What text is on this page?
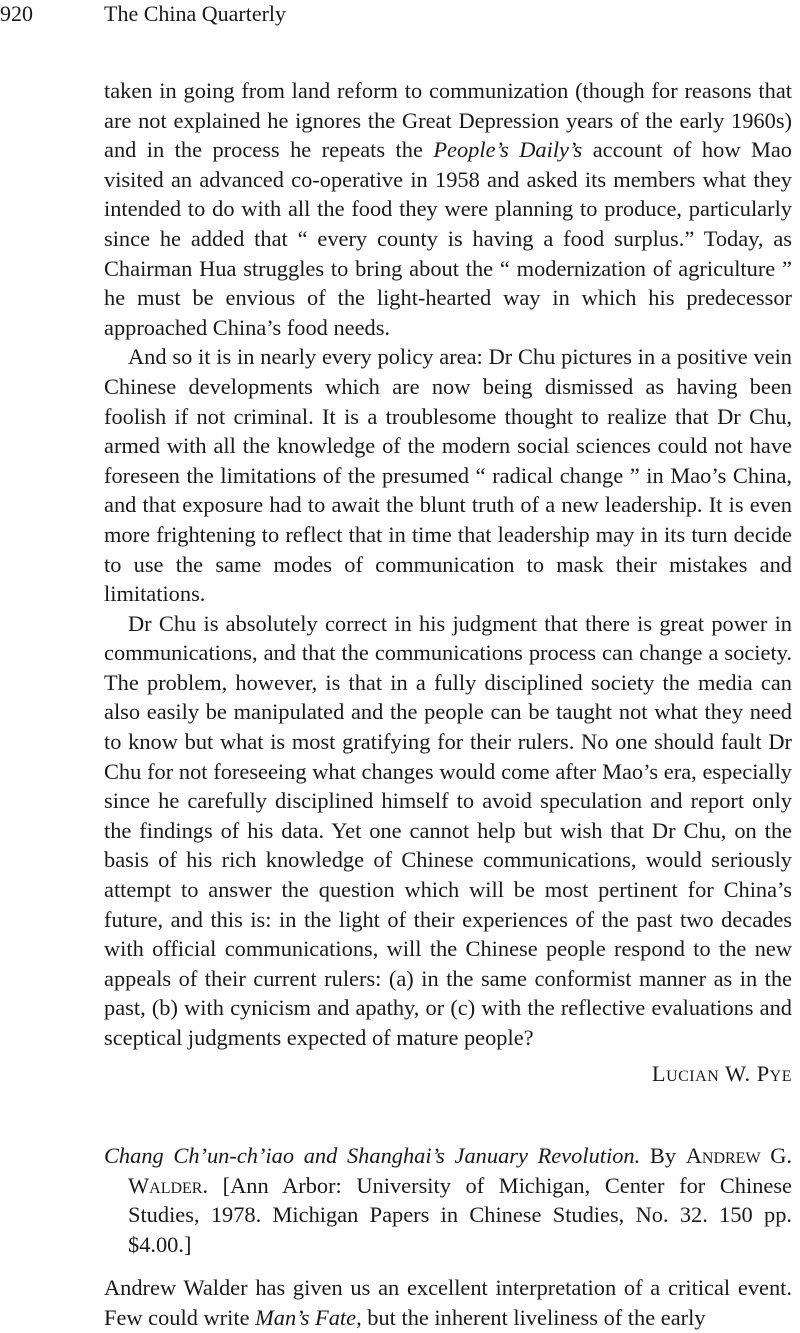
920	The China Quarterly

taken in going from land reform to communization (though for reasons that are not explained he ignores the Great Depression years of the early 1960s) and in the process he repeats the People’s Daily’s account of how Mao visited an advanced co-operative in 1958 and asked its members what they intended to do with all the food they were planning to produce, particularly since he added that “ every county is having a food surplus.” Today, as Chairman Hua struggles to bring about the “ modernization of agriculture ” he must be envious of the light-hearted way in which his predecessor approached China’s food needs.

And so it is in nearly every policy area: Dr Chu pictures in a positive vein Chinese developments which are now being dismissed as having been foolish if not criminal. It is a troublesome thought to realize that Dr Chu, armed with all the knowledge of the modern social sciences could not have foreseen the limitations of the presumed “ radical change ” in Mao’s China, and that exposure had to await the blunt truth of a new leadership. It is even more frightening to reflect that in time that leadership may in its turn decide to use the same modes of communication to mask their mistakes and limitations.

Dr Chu is absolutely correct in his judgment that there is great power in communications, and that the communications process can change a society. The problem, however, is that in a fully disciplined society the media can also easily be manipulated and the people can be taught not what they need to know but what is most gratifying for their rulers. No one should fault Dr Chu for not foreseeing what changes would come after Mao’s era, especially since he carefully disciplined himself to avoid speculation and report only the findings of his data. Yet one cannot help but wish that Dr Chu, on the basis of his rich knowledge of Chinese communications, would seriously attempt to answer the question which will be most pertinent for China’s future, and this is: in the light of their experiences of the past two decades with official communications, will the Chinese people respond to the new appeals of their current rulers: (a) in the same conformist manner as in the past, (b) with cynicism and apathy, or (c) with the reflective evaluations and sceptical judgments expected of mature people?

Lucian W. Pye

Chang Ch’un-ch’iao and Shanghai’s January Revolution. By Andrew G. Walder. [Ann Arbor: University of Michigan, Center for Chinese Studies, 1978. Michigan Papers in Chinese Studies, No. 32. 150 pp. $4.00.]

Andrew Walder has given us an excellent interpretation of a critical event. Few could write Man’s Fate, but the inherent liveliness of the early
